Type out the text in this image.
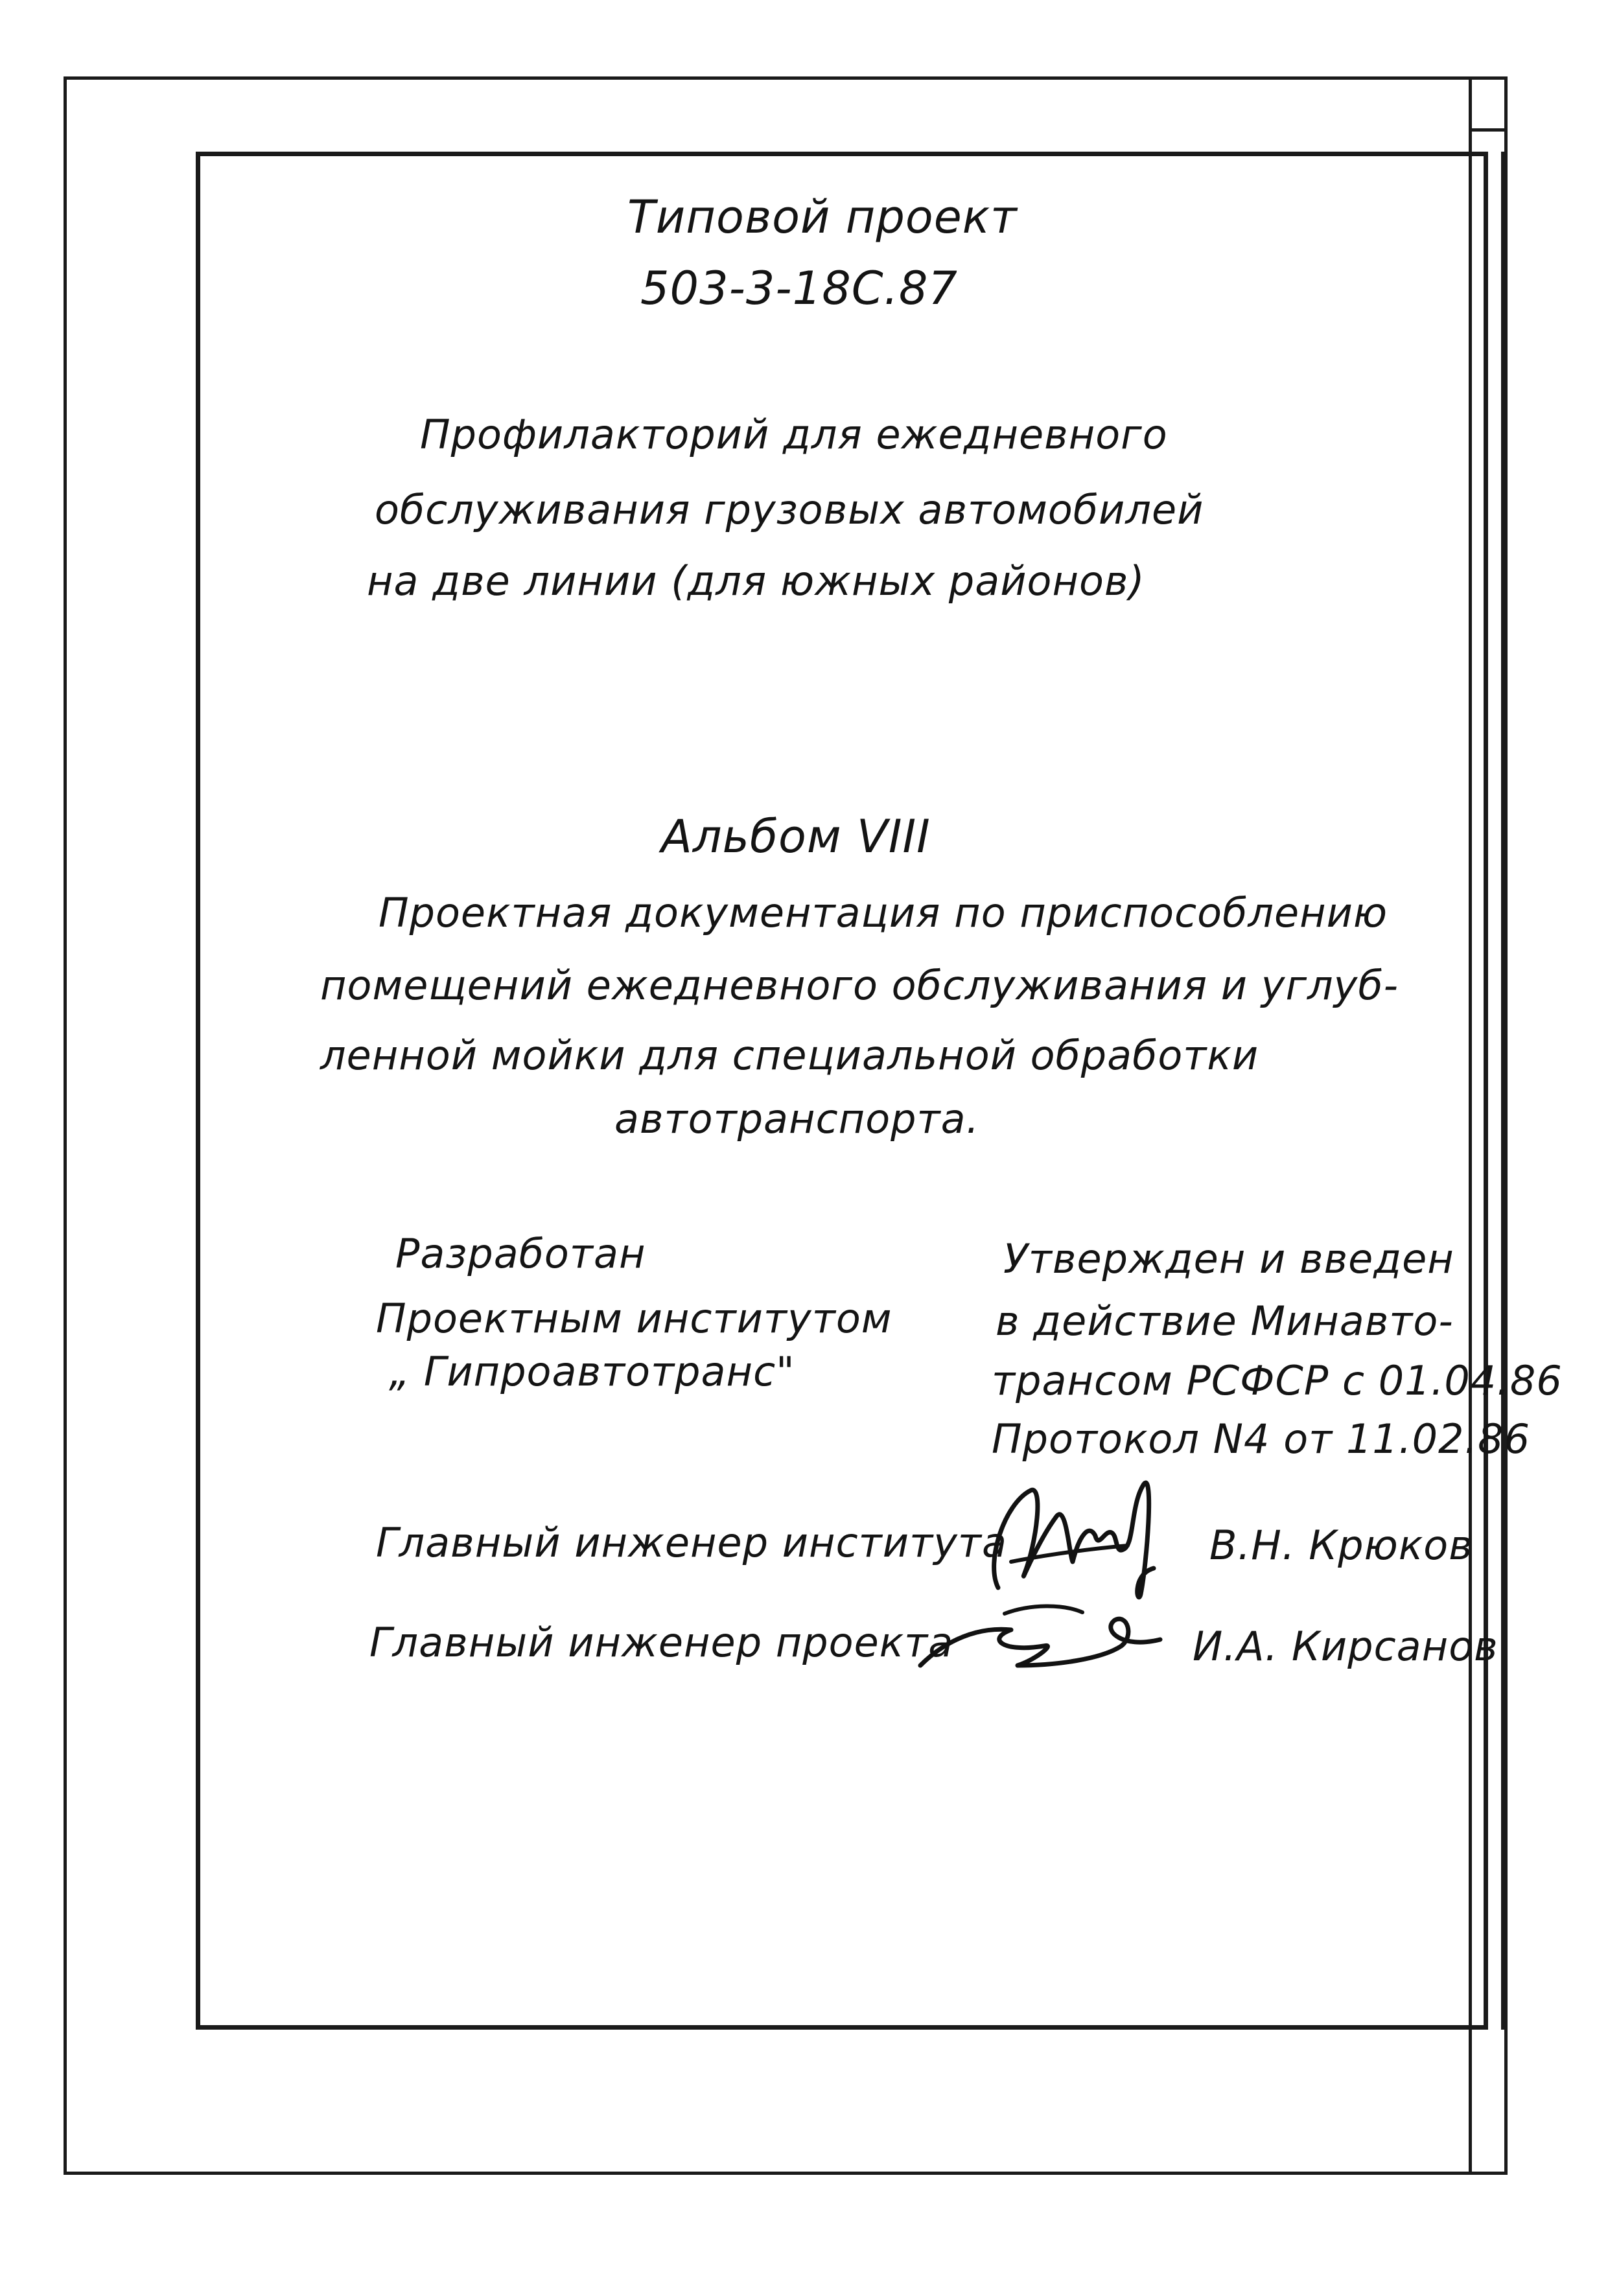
Типовой проект
503-3-18С.87
Профилакторий для ежедневного
обслуживания грузовых автомобилей
на две линии (для южных районов)
Альбом VIII
Проектная документация по приспособлению
помещений ежедневного обслуживания и углуб-
ленной мойки для специальной обработки
автотранспорта.
Разработан
Проектным институтом
„ Гипроавтотранс"
Утвержден и введен
в действие Минавто-
трансом РСФСР с 01.04.86
Протокол N4 от 11.02.86
Главный инженер института	В.Н. Крюков
Главный инженер проекта	И.А. Кирсанов
